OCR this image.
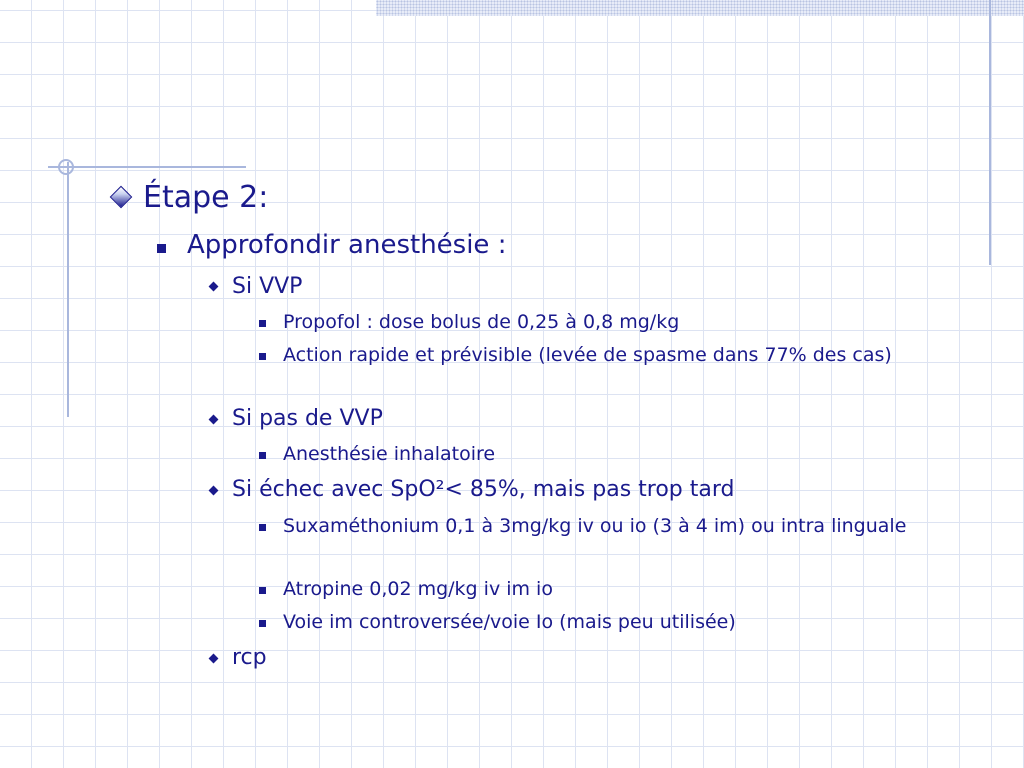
Étape 2:
Approfondir anesthésie :
Si VVP
Propofol : dose bolus de 0,25 à 0,8 mg/kg
Action rapide et prévisible (levée de spasme dans 77% des cas)
Si pas de VVP
Anesthésie inhalatoire
Si échec avec SpO²< 85%, mais pas trop tard
Suxaméthonium 0,1 à 3mg/kg iv ou io (3 à 4 im) ou intra linguale
Atropine 0,02 mg/kg iv im io
Voie im controversée/voie Io (mais peu utilisée)
rcp
